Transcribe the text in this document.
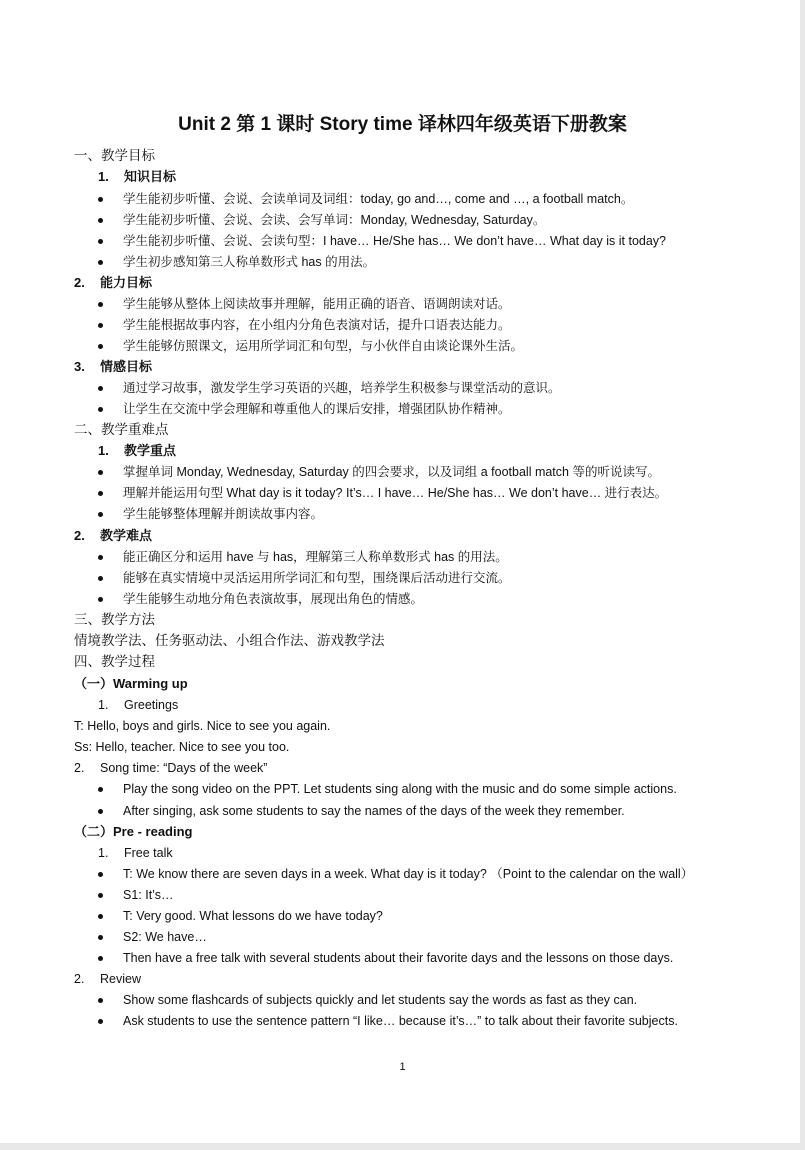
Unit 2 第 1 课时 Story time 译林四年级英语下册教案
一、教学目标
1. 知识目标
学生能初步听懂、会说、会读单词及词组：today, go and…, come and …, a football match。
学生能初步听懂、会说、会读、会写单词：Monday, Wednesday, Saturday。
学生能初步听懂、会说、会读句型：I have… He/She has… We don’t have… What day is it today?
学生初步感知第三人称单数形式 has 的用法。
2. 能力目标
学生能够从整体上阅读故事并理解，能用正确的语音、语调朗读对话。
学生能根据故事内容，在小组内分角色表演对话，提升口语表达能力。
学生能够仿照课文，运用所学词汇和句型，与小伙伴自由谈论课外生活。
3. 情感目标
通过学习故事，激发学生学习英语的兴趣，培养学生积极参与课堂活动的意识。
让学生在交流中学会理解和尊重他人的课后安排，增强团队协作精神。
二、教学重难点
1. 教学重点
掌握单词 Monday, Wednesday, Saturday 的四会要求，以及词组 a football match 等的听说读写。
理解并能运用句型 What day is it today? It’s… I have… He/She has… We don’t have… 进行表达。
学生能够整体理解并朗读故事内容。
2. 教学难点
能正确区分和运用 have 与 has，理解第三人称单数形式 has 的用法。
能够在真实情境中灵活运用所学词汇和句型，围绕课后活动进行交流。
学生能够生动地分角色表演故事，展现出角色的情感。
三、教学方法
情境教学法、任务驱动法、小组合作法、游戏教学法
四、教学过程
（一）Warming up
1. Greetings
T: Hello, boys and girls. Nice to see you again.
Ss: Hello, teacher. Nice to see you too.
2. Song time: “Days of the week”
Play the song video on the PPT. Let students sing along with the music and do some simple actions.
After singing, ask some students to say the names of the days of the week they remember.
（二）Pre - reading
1. Free talk
T: We know there are seven days in a week. What day is it today? （Point to the calendar on the wall）
S1: It’s…
T: Very good. What lessons do we have today?
S2: We have…
Then have a free talk with several students about their favorite days and the lessons on those days.
2. Review
Show some flashcards of subjects quickly and let students say the words as fast as they can.
Ask students to use the sentence pattern “I like… because it’s…” to talk about their favorite subjects.
1
